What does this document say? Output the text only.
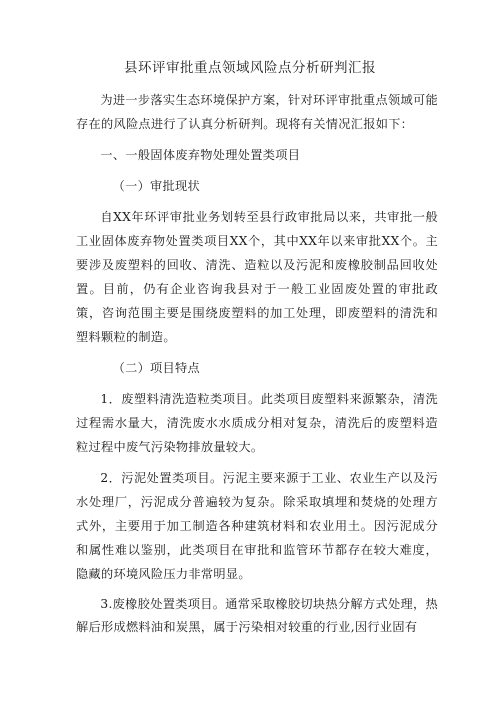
县环评审批重点领域风险点分析研判汇报

为进一步落实生态环境保护方案，针对环评审批重点领域可能存在的风险点进行了认真分析研判。现将有关情况汇报如下：

一、一般固体废弃物处理处置类项目

（一）审批现状

自XX年环评审批业务划转至县行政审批局以来，共审批一般工业固体废弃物处置类项目XX个，其中XX年以来审批XX个。主要涉及废塑料的回收、清洗、造粒以及污泥和废橡胶制品回收处置。目前，仍有企业咨询我县对于一般工业固废处置的审批政策，咨询范围主要是围绕废塑料的加工处理，即废塑料的清洗和塑料颗粒的制造。

（二）项目特点

1．废塑料清洗造粒类项目。此类项目废塑料来源繁杂，清洗过程需水量大，清洗废水水质成分相对复杂，清洗后的废塑料造粒过程中废气污染物排放量较大。

2．污泥处置类项目。污泥主要来源于工业、农业生产以及污水处理厂，污泥成分普遍较为复杂。除采取填埋和焚烧的处理方式外，主要用于加工制造各种建筑材料和农业用土。因污泥成分和属性难以鉴别，此类项目在审批和监管环节都存在较大难度，隐藏的环境风险压力非常明显。

3.废橡胶处置类项目。通常采取橡胶切块热分解方式处理，热解后形成燃料油和炭黑，属于污染相对较重的行业,因行业固有
